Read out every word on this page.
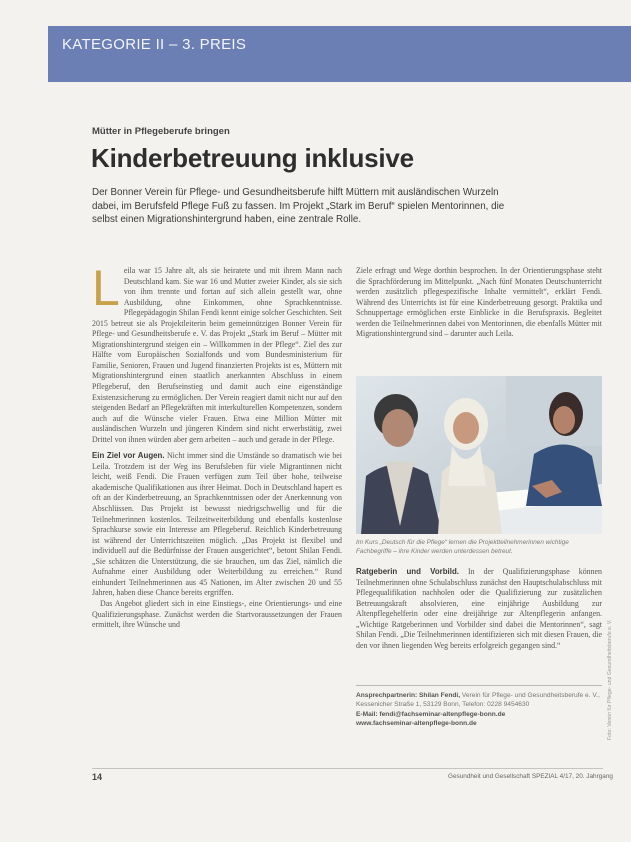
KATEGORIE II – 3. PREIS
Mütter in Pflegeberufe bringen
Kinderbetreuung inklusive
Der Bonner Verein für Pflege- und Gesundheitsberufe hilft Müttern mit ausländischen Wurzeln dabei, im Berufsfeld Pflege Fuß zu fassen. Im Projekt „Stark im Beruf“ spielen Mentorinnen, die selbst einen Migrationshintergrund haben, eine zentrale Rolle.

Leila war 15 Jahre alt, als sie heiratete und mit ihrem Mann nach Deutschland kam. Sie war 16 und Mutter zweier Kinder, als sie sich von ihm trennte und fortan auf sich allein gestellt war, ohne Ausbildung, ohne Einkommen, ohne Sprachkenntnisse. Pflegepädagogin Shilan Fendi kennt einige solcher Geschichten. Seit 2015 betreut sie als Projektleiterin beim gemeinnützigen Bonner Verein für Pflege- und Gesundheitsberufe e. V. das Projekt „Stark im Beruf – Mütter mit Migrationshintergrund steigen ein – Willkommen in der Pflege“. Ziel des zur Hälfte vom Europäischen Sozialfonds und vom Bundesministerium für Familie, Senioren, Frauen und Jugend finanzierten Projekts ist es, Müttern mit Migrationshintergrund einen staatlich anerkannten Abschluss in einem Pflegeberuf, den Berufseinstieg und damit auch eine eigenständige Existenzsicherung zu ermöglichen. Der Verein reagiert damit nicht nur auf den steigenden Bedarf an Pflegekräften mit interkulturellen Kompetenzen, sondern auch auf die Wünsche vieler Frauen. Etwa eine Million Mütter mit ausländischen Wurzeln und jüngeren Kindern sind nicht erwerbstätig, zwei Drittel von ihnen würden aber gern arbeiten – auch und gerade in der Pflege.

Ein Ziel vor Augen. Nicht immer sind die Umstände so dramatisch wie bei Leila. Trotzdem ist der Weg ins Berufsleben für viele Migrantinnen nicht leicht, weiß Fendi. Die Frauen verfügen zum Teil über hohe, teilweise akademische Qualifikationen aus ihrer Heimat. Doch in Deutschland hapert es oft an der Kinderbetreuung, an Sprachkenntnissen oder der Anerkennung von Abschlüssen. Das Projekt ist bewusst niedrigschwellig und für die Teilnehmerinnen kostenlos. Teilzeitweiterbildung und ebenfalls kostenlose Sprachkurse sowie ein Interesse am Pflegeberuf. Reichlich Kinderbetreuung ist während der Unterrichtszeiten möglich. „Das Projekt ist flexibel und individuell auf die Bedürfnisse der Frauen ausgerichtet“, betont Shilan Fendi. „Sie schätzen die Unterstützung, die sie brauchen, um das Ziel, nämlich die Aufnahme einer Ausbildung oder Weiterbildung zu erreichen.“ Rund einhundert Teilnehmerinnen aus 45 Nationen, im Alter zwischen 20 und 55 Jahren, haben diese Chance bereits ergriffen.

Das Angebot gliedert sich in eine Einstiegs-, eine Orientierungs- und eine Qualifizierungsphase. Zunächst werden die Startvoraussetzungen der Frauen ermittelt, ihre Wünsche und

Ziele erfragt und Wege dorthin besprochen. In der Orientierungsphase steht die Sprachförderung im Mittelpunkt. „Nach fünf Monaten Deutschunterricht werden zusätzlich pflegespezifische Inhalte vermittelt“, erklärt Fendi. Während des Unterrichts ist für eine Kinderbetreuung gesorgt. Praktika und Schnuppertage ermöglichen erste Einblicke in die Berufspraxis. Begleitet werden die Teilnehmerinnen dabei von Mentorinnen, die ebenfalls Mütter mit Migrationshintergrund sind – darunter auch Leila.
Im Kurs „Deutsch für die Pflege“ lernen die Projektteilnehmerinnen wichtige Fachbegriffe – ihre Kinder werden unterdessen betreut.
Ratgeberin und Vorbild. In der Qualifizierungsphase können Teilnehmerinnen ohne Schulabschluss zunächst den Hauptschulabschluss mit Pflegequalifikation nachholen oder die Qualifizierung zur zusätzlichen Betreuungskraft absolvieren, eine einjährige Ausbildung zur Altenpflegehelferin oder eine dreijährige zur Altenpflegerin anfangen. „Wichtige Ratgeberinnen und Vorbilder sind dabei die Mentorinnen“, sagt Shilan Fendi. „Die Teilnehmerinnen identifizieren sich mit diesen Frauen, die den vor ihnen liegenden Weg bereits erfolgreich gegangen sind.“
Ansprechpartnerin: Shilan Fendi, Verein für Pflege- und Gesundheitsberufe e. V., Kessenicher Straße 1, 53129 Bonn, Telefon: 0228 9454630
E-Mail: fendi@fachseminar-altenpflege-bonn.de
www.fachseminar-altenpflege-bonn.de	Foto: Verein für Pflege- und Gesundheitsberufe e. V.
14	Gesundheit und Gesellschaft SPEZIAL 4/17, 20. Jahrgang
